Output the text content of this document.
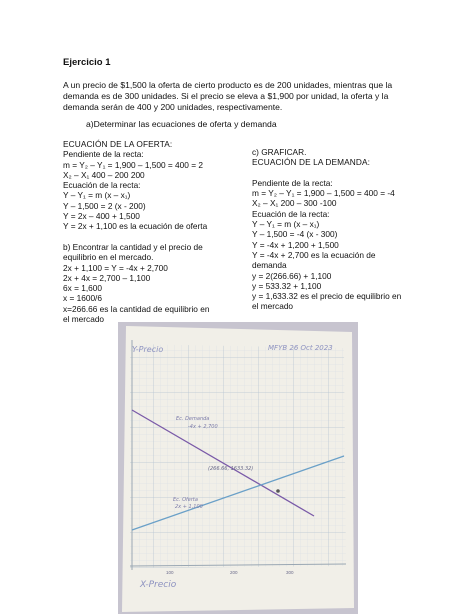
Ejercicio 1
A un precio de $1,500 la oferta de cierto producto es de 200 unidades, mientras que la demanda es de 300 unidades. Si el precio se eleva a $1,900 por unidad, la oferta y la demanda serán de 400 y 200 unidades, respectivamente.
a)Determinar las ecuaciones de oferta y demanda
ECUACIÓN DE LA OFERTA:
Pendiente de la recta:
m = Y₂ – Y₁ = 1,900 – 1,500 = 400 = 2
X₂ – X₁ 400 – 200 200
Ecuación de la recta:
Y – Y₁ = m (x – x₁)
Y – 1,500 = 2 (x - 200)
Y = 2x – 400 + 1,500
Y = 2x + 1,100 es la ecuación de oferta
b) Encontrar la cantidad y el precio de
equilibrio en el mercado.
2x + 1,100 = Y = -4x + 2,700
2x + 4x = 2,700 – 1,100
6x = 1,600
x = 1600/6
x=266.66 es la cantidad de equilibrio en
el mercado
c) GRAFICAR.
ECUACIÓN DE LA DEMANDA:
Pendiente de la recta:
m = Y₂ – Y₁ = 1,900 – 1,500 = 400 = -4
X₂ – X₁ 200 – 300 -100
Ecuación de la recta:
Y – Y₁ = m (x – x₁)
Y – 1,500 = -4 (x - 300)
Y = -4x + 1,200 + 1,500
Y = -4x + 2,700 es la ecuación de
demanda
y = 2(266.66) + 1,100
y = 533.32 + 1,100
y = 1,633.32 es el precio de equilibrio en
el mercado
Y-Precio
X-Precio
MFYB 26 Oct 2023
Ec. Demanda
-4x + 2,700
Ec. Oferta
2x + 1,100
(266.66, 1633.32)
100	200	300
